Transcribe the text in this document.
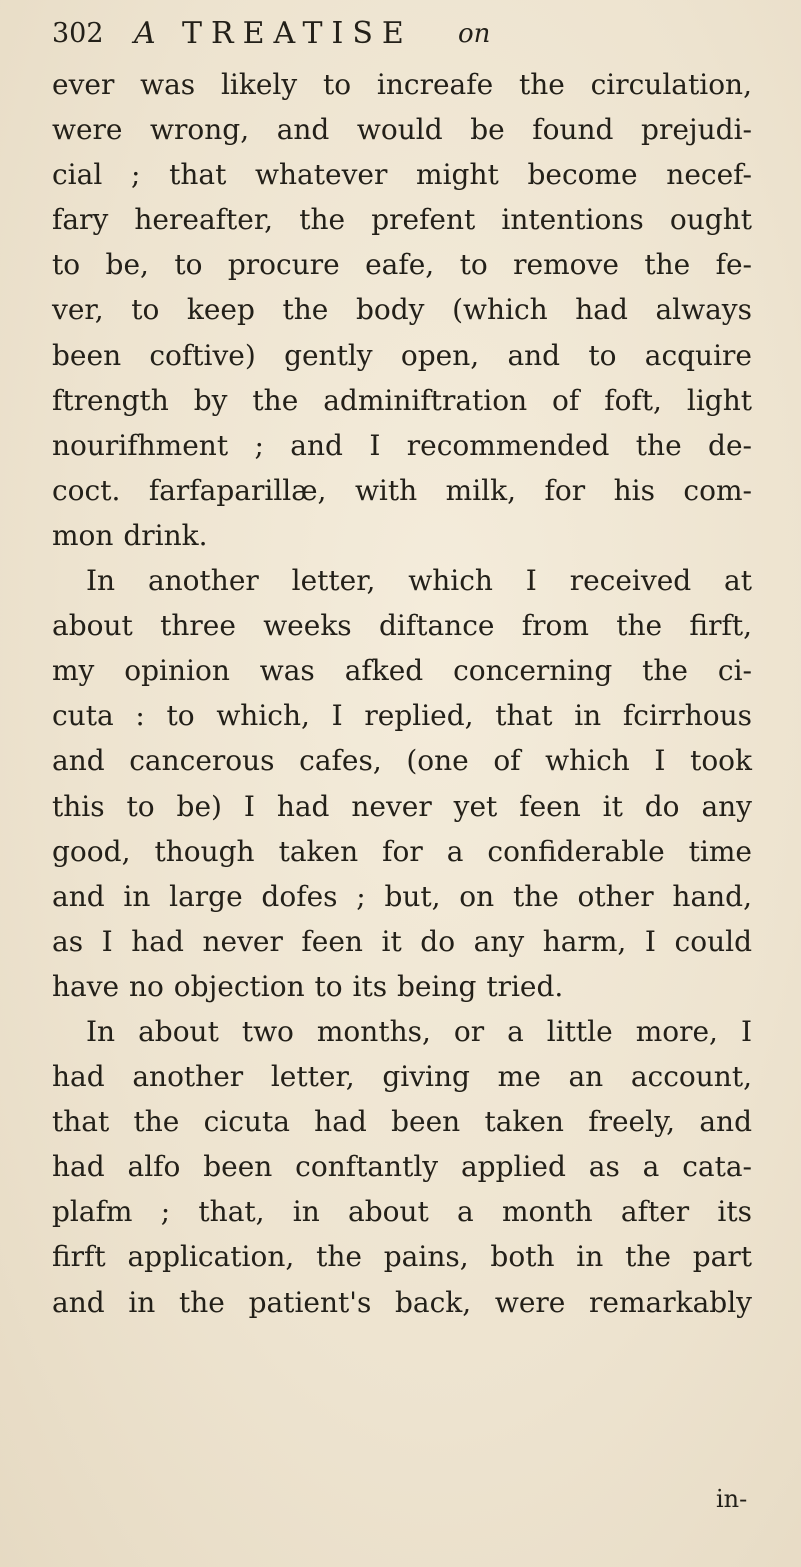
302 A TREATISE on
ever was likely to increafe the circulation,
were wrong, and would be found prejudi-
cial ; that whatever might become necef-
fary hereafter, the prefent intentions ought
to be, to procure eafe, to remove the fe-
ver, to keep the body (which had always
been coftive) gently open, and to acquire
ftrength by the adminiftration of foft, light
nourifhment ; and I recommended the de-
coct. farfaparillæ, with milk, for his com-
mon drink.
In another letter, which I received at
about three weeks diftance from the firft,
my opinion was afked concerning the ci-
cuta : to which, I replied, that in fcirrhous
and cancerous cafes, (one of which I took
this to be) I had never yet feen it do any
good, though taken for a confiderable time
and in large dofes ; but, on the other hand,
as I had never feen it do any harm, I could
have no objection to its being tried.
In about two months, or a little more, I
had another letter, giving me an account,
that the cicuta had been taken freely, and
had alfo been conftantly applied as a cata-
plafm ; that, in about a month after its
firft application, the pains, both in the part
and in the patient's back, were remarkably
in-
